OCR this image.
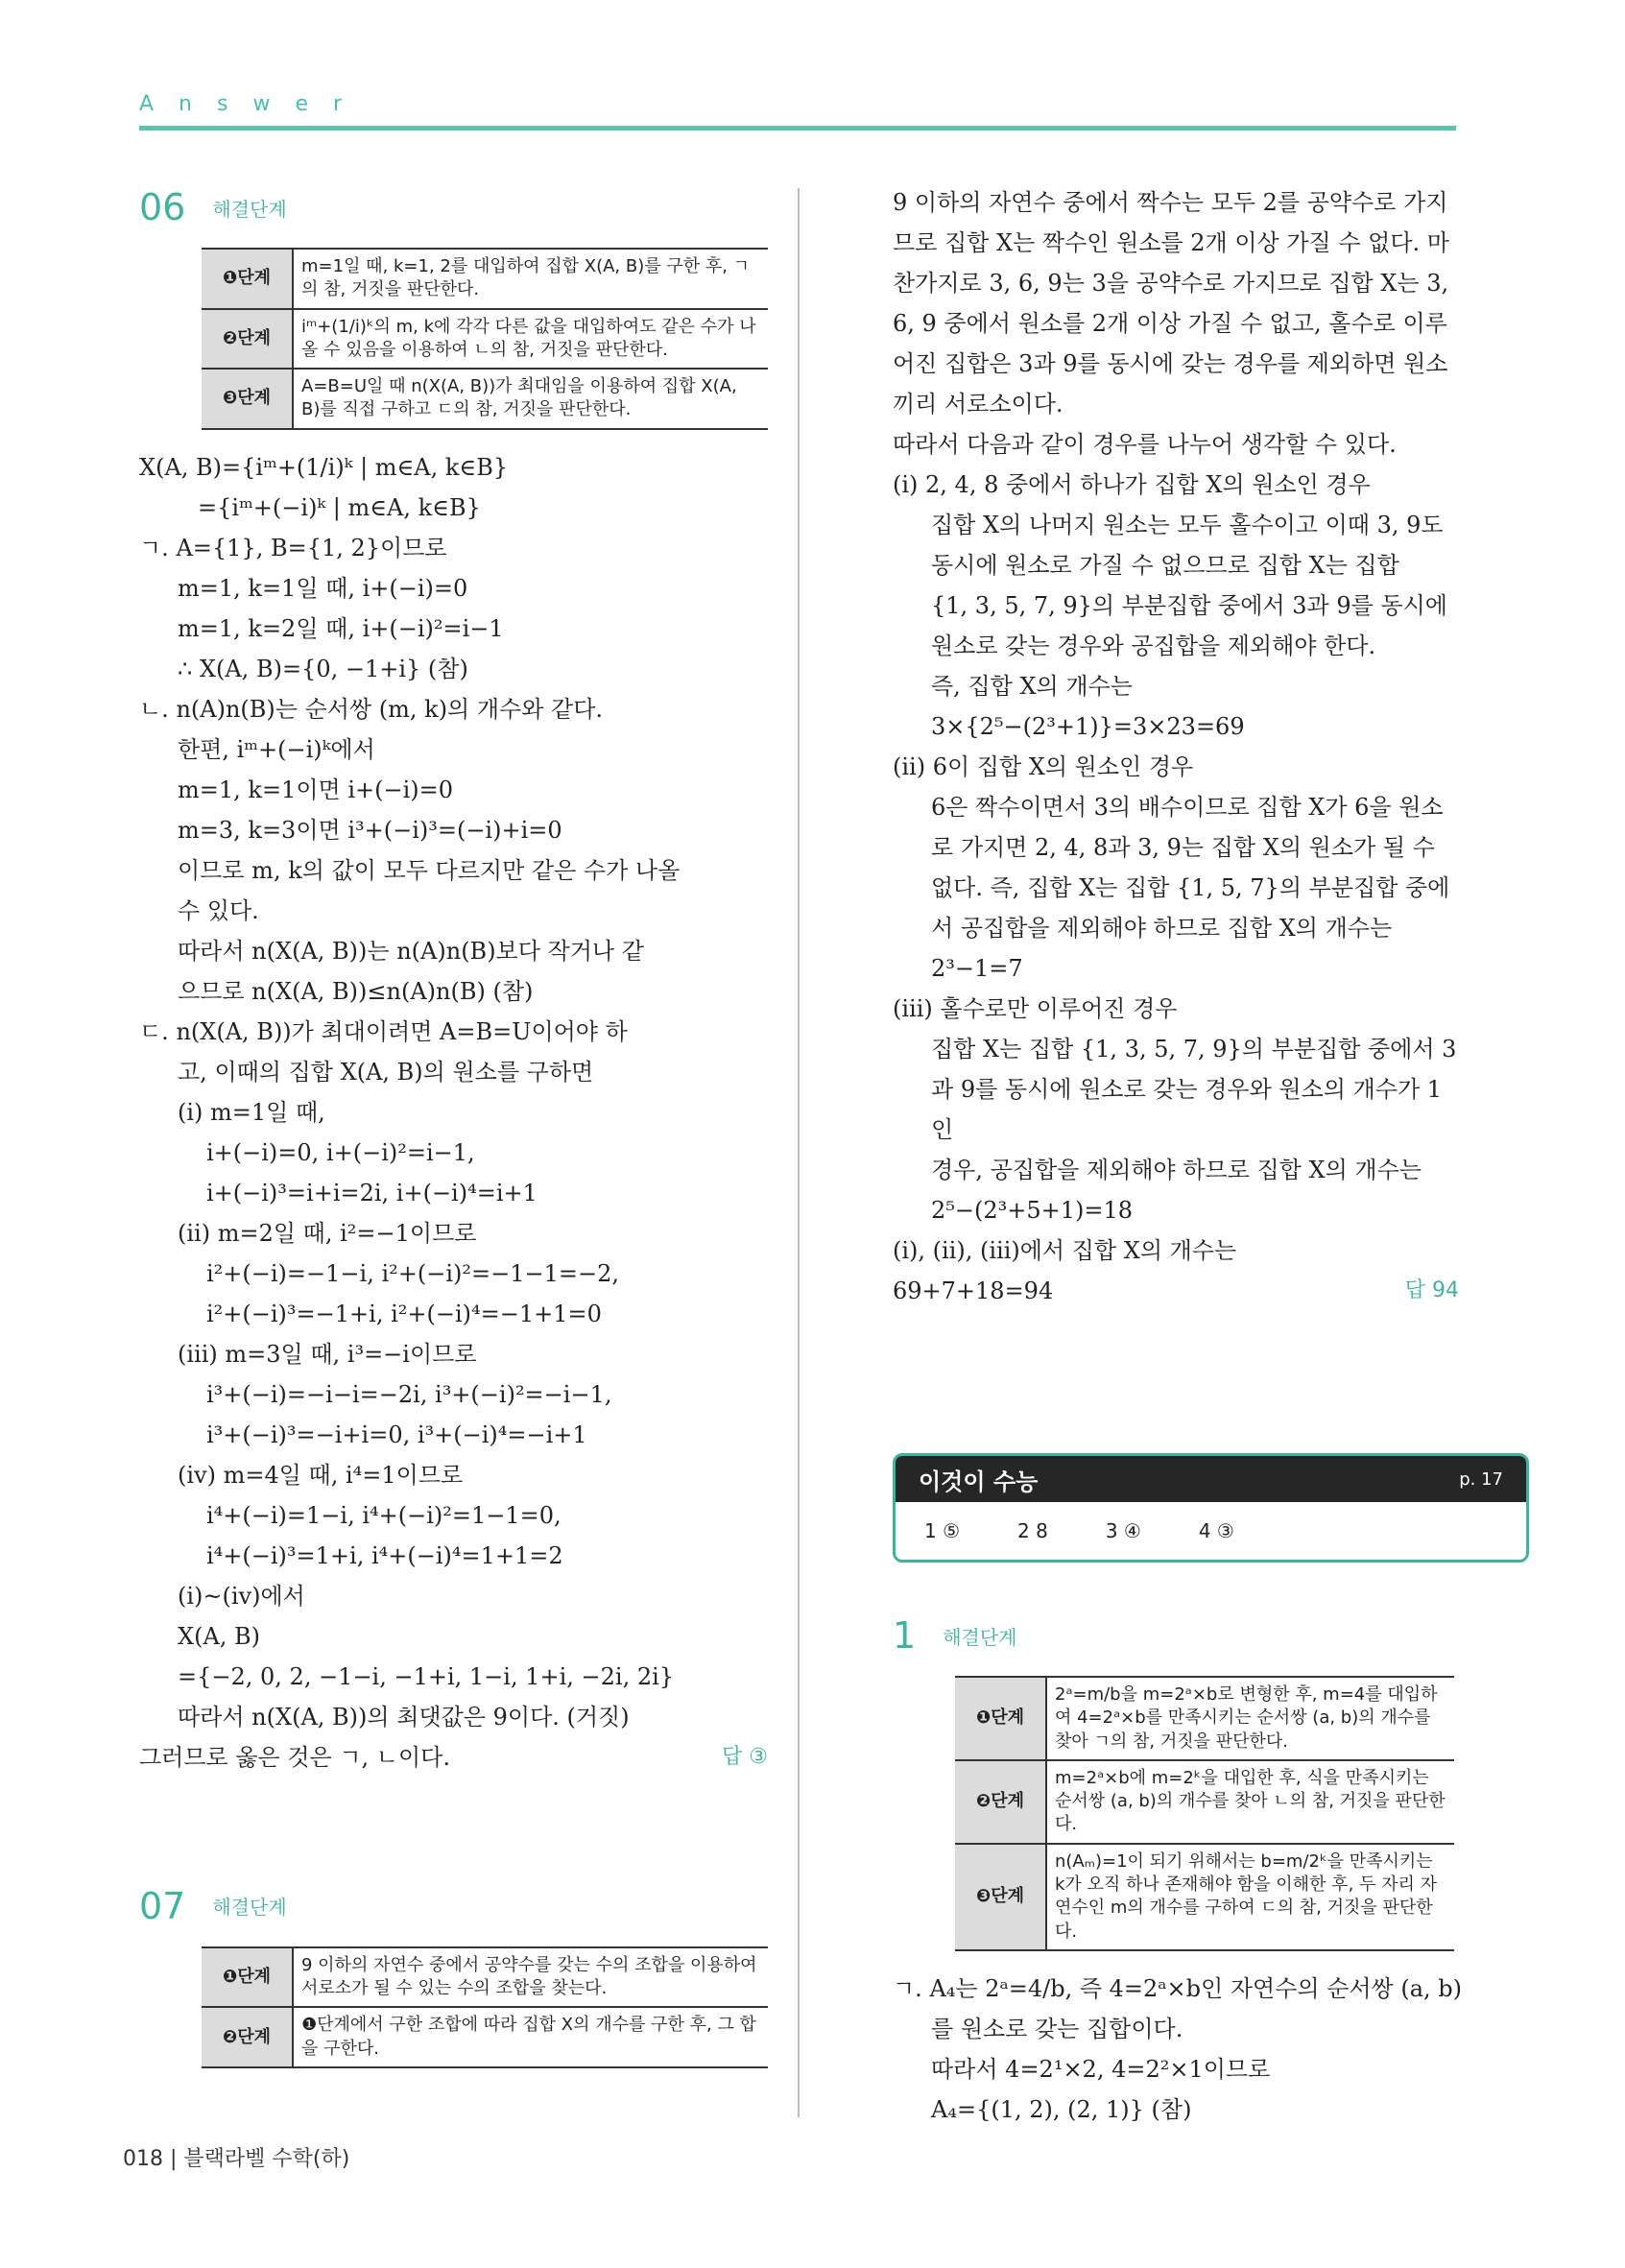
Answer
06 해결단계
❶단계	m=1일 때, k=1, 2를 대입하여 집합 X(A, B)를 구한 후, ㄱ의 참, 거짓을 판단한다.
❷단계	iᵐ+(1/i)ᵏ의 m, k에 각각 다른 값을 대입하여도 같은 수가 나올 수 있음을 이용하여 ㄴ의 참, 거짓을 판단한다.
❸단계	A=B=U일 때 n(X(A, B))가 최대임을 이용하여 집합 X(A, B)를 직접 구하고 ㄷ의 참, 거짓을 판단한다.
X(A, B)={iᵐ+(1/i)ᵏ | m∈A, k∈B}
={iᵐ+(−i)ᵏ | m∈A, k∈B}
ㄱ. A={1}, B={1, 2}이므로
m=1, k=1일 때, i+(−i)=0
m=1, k=2일 때, i+(−i)²=i−1
∴ X(A, B)={0, −1+i} (참)
ㄴ. n(A)n(B)는 순서쌍 (m, k)의 개수와 같다.
한편, iᵐ+(−i)ᵏ에서
m=1, k=1이면 i+(−i)=0
m=3, k=3이면 i³+(−i)³=(−i)+i=0
이므로 m, k의 값이 모두 다르지만 같은 수가 나올
수 있다.
따라서 n(X(A, B))는 n(A)n(B)보다 작거나 같
으므로 n(X(A, B))≤n(A)n(B) (참)
ㄷ. n(X(A, B))가 최대이려면 A=B=U이어야 하
고, 이때의 집합 X(A, B)의 원소를 구하면
(ⅰ) m=1일 때,
i+(−i)=0, i+(−i)²=i−1,
i+(−i)³=i+i=2i, i+(−i)⁴=i+1
(ⅱ) m=2일 때, i²=−1이므로
i²+(−i)=−1−i, i²+(−i)²=−1−1=−2,
i²+(−i)³=−1+i, i²+(−i)⁴=−1+1=0
(ⅲ) m=3일 때, i³=−i이므로
i³+(−i)=−i−i=−2i, i³+(−i)²=−i−1,
i³+(−i)³=−i+i=0, i³+(−i)⁴=−i+1
(ⅳ) m=4일 때, i⁴=1이므로
i⁴+(−i)=1−i, i⁴+(−i)²=1−1=0,
i⁴+(−i)³=1+i, i⁴+(−i)⁴=1+1=2
(ⅰ)~(ⅳ)에서
X(A, B)
={−2, 0, 2, −1−i, −1+i, 1−i, 1+i, −2i, 2i}
따라서 n(X(A, B))의 최댓값은 9이다. (거짓)
그러므로 옳은 것은 ㄱ, ㄴ이다.	답 ③
07 해결단계
❶단계	9 이하의 자연수 중에서 공약수를 갖는 수의 조합을 이용하여 서로소가 될 수 있는 수의 조합을 찾는다.
❷단계	❶단계에서 구한 조합에 따라 집합 X의 개수를 구한 후, 그 합을 구한다.
9 이하의 자연수 중에서 짝수는 모두 2를 공약수로 가지
므로 집합 X는 짝수인 원소를 2개 이상 가질 수 없다. 마
찬가지로 3, 6, 9는 3을 공약수로 가지므로 집합 X는 3,
6, 9 중에서 원소를 2개 이상 가질 수 없고, 홀수로 이루
어진 집합은 3과 9를 동시에 갖는 경우를 제외하면 원소
끼리 서로소이다.
따라서 다음과 같이 경우를 나누어 생각할 수 있다.
(ⅰ) 2, 4, 8 중에서 하나가 집합 X의 원소인 경우
집합 X의 나머지 원소는 모두 홀수이고 이때 3, 9도
동시에 원소로 가질 수 없으므로 집합 X는 집합
{1, 3, 5, 7, 9}의 부분집합 중에서 3과 9를 동시에
원소로 갖는 경우와 공집합을 제외해야 한다.
즉, 집합 X의 개수는
3×{2⁵−(2³+1)}=3×23=69
(ⅱ) 6이 집합 X의 원소인 경우
6은 짝수이면서 3의 배수이므로 집합 X가 6을 원소
로 가지면 2, 4, 8과 3, 9는 집합 X의 원소가 될 수
없다. 즉, 집합 X는 집합 {1, 5, 7}의 부분집합 중에
서 공집합을 제외해야 하므로 집합 X의 개수는
2³−1=7
(ⅲ) 홀수로만 이루어진 경우
집합 X는 집합 {1, 3, 5, 7, 9}의 부분집합 중에서 3
과 9를 동시에 원소로 갖는 경우와 원소의 개수가 1인
경우, 공집합을 제외해야 하므로 집합 X의 개수는
2⁵−(2³+5+1)=18
(ⅰ), (ⅱ), (ⅲ)에서 집합 X의 개수는
69+7+18=94	답 94
이것이 수능	p. 17
1 ⑤	2 8	3 ④	4 ③
1 해결단계
❶단계	2ᵃ=m/b을 m=2ᵃ×b로 변형한 후, m=4를 대입하여 4=2ᵃ×b를 만족시키는 순서쌍 (a, b)의 개수를 찾아 ㄱ의 참, 거짓을 판단한다.
❷단계	m=2ᵃ×b에 m=2ᵏ을 대입한 후, 식을 만족시키는 순서쌍 (a, b)의 개수를 찾아 ㄴ의 참, 거짓을 판단한다.
❸단계	n(Aₘ)=1이 되기 위해서는 b=m/2ᵏ을 만족시키는 k가 오직 하나 존재해야 함을 이해한 후, 두 자리 자연수인 m의 개수를 구하여 ㄷ의 참, 거짓을 판단한다.
ㄱ. A₄는 2ᵃ=4/b, 즉 4=2ᵃ×b인 자연수의 순서쌍 (a, b)
를 원소로 갖는 집합이다.
따라서 4=2¹×2, 4=2²×1이므로
A₄={(1, 2), (2, 1)} (참)
018 | 블랙라벨 수학(하)
